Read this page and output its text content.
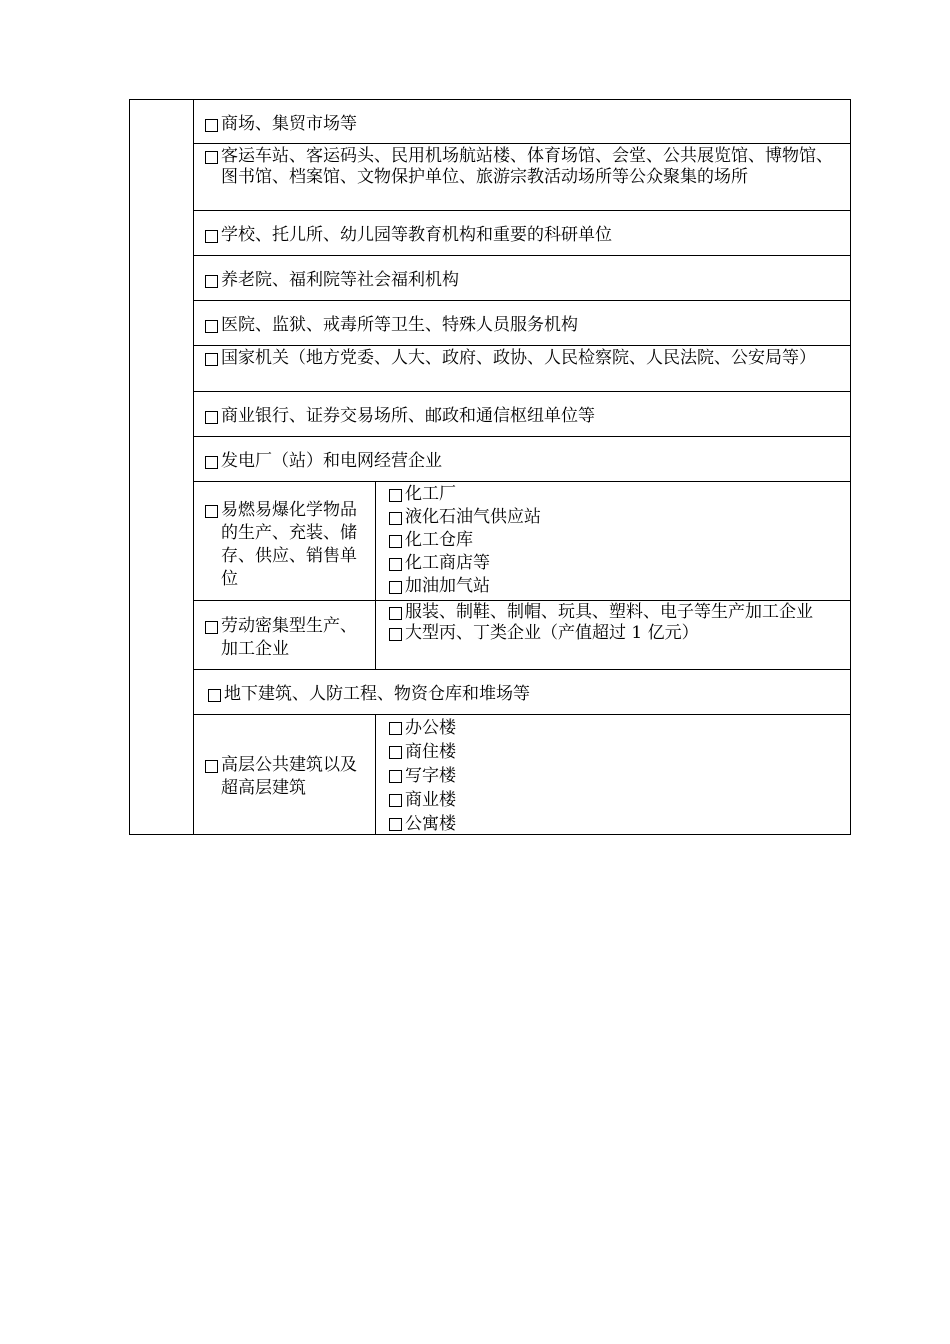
商场、集贸市场等
客运车站、客运码头、民用机场航站楼、体育场馆、会堂、公共展览馆、博物馆、图书馆、档案馆、文物保护单位、旅游宗教活动场所等公众聚集的场所
学校、托儿所、幼儿园等教育机构和重要的科研单位
养老院、福利院等社会福利机构
医院、监狱、戒毒所等卫生、特殊人员服务机构
国家机关（地方党委、人大、政府、政协、人民检察院、人民法院、公安局等）
商业银行、证券交易场所、邮政和通信枢纽单位等
发电厂（站）和电网经营企业
易燃易爆化学物品的生产、充装、储存、供应、销售单位
化工厂
液化石油气供应站
化工仓库
化工商店等
加油加气站
劳动密集型生产、加工企业
服装、制鞋、制帽、玩具、塑料、电子等生产加工企业
大型丙、丁类企业（产值超过 1 亿元）
地下建筑、人防工程、物资仓库和堆场等
高层公共建筑以及超高层建筑
办公楼
商住楼
写字楼
商业楼
公寓楼
